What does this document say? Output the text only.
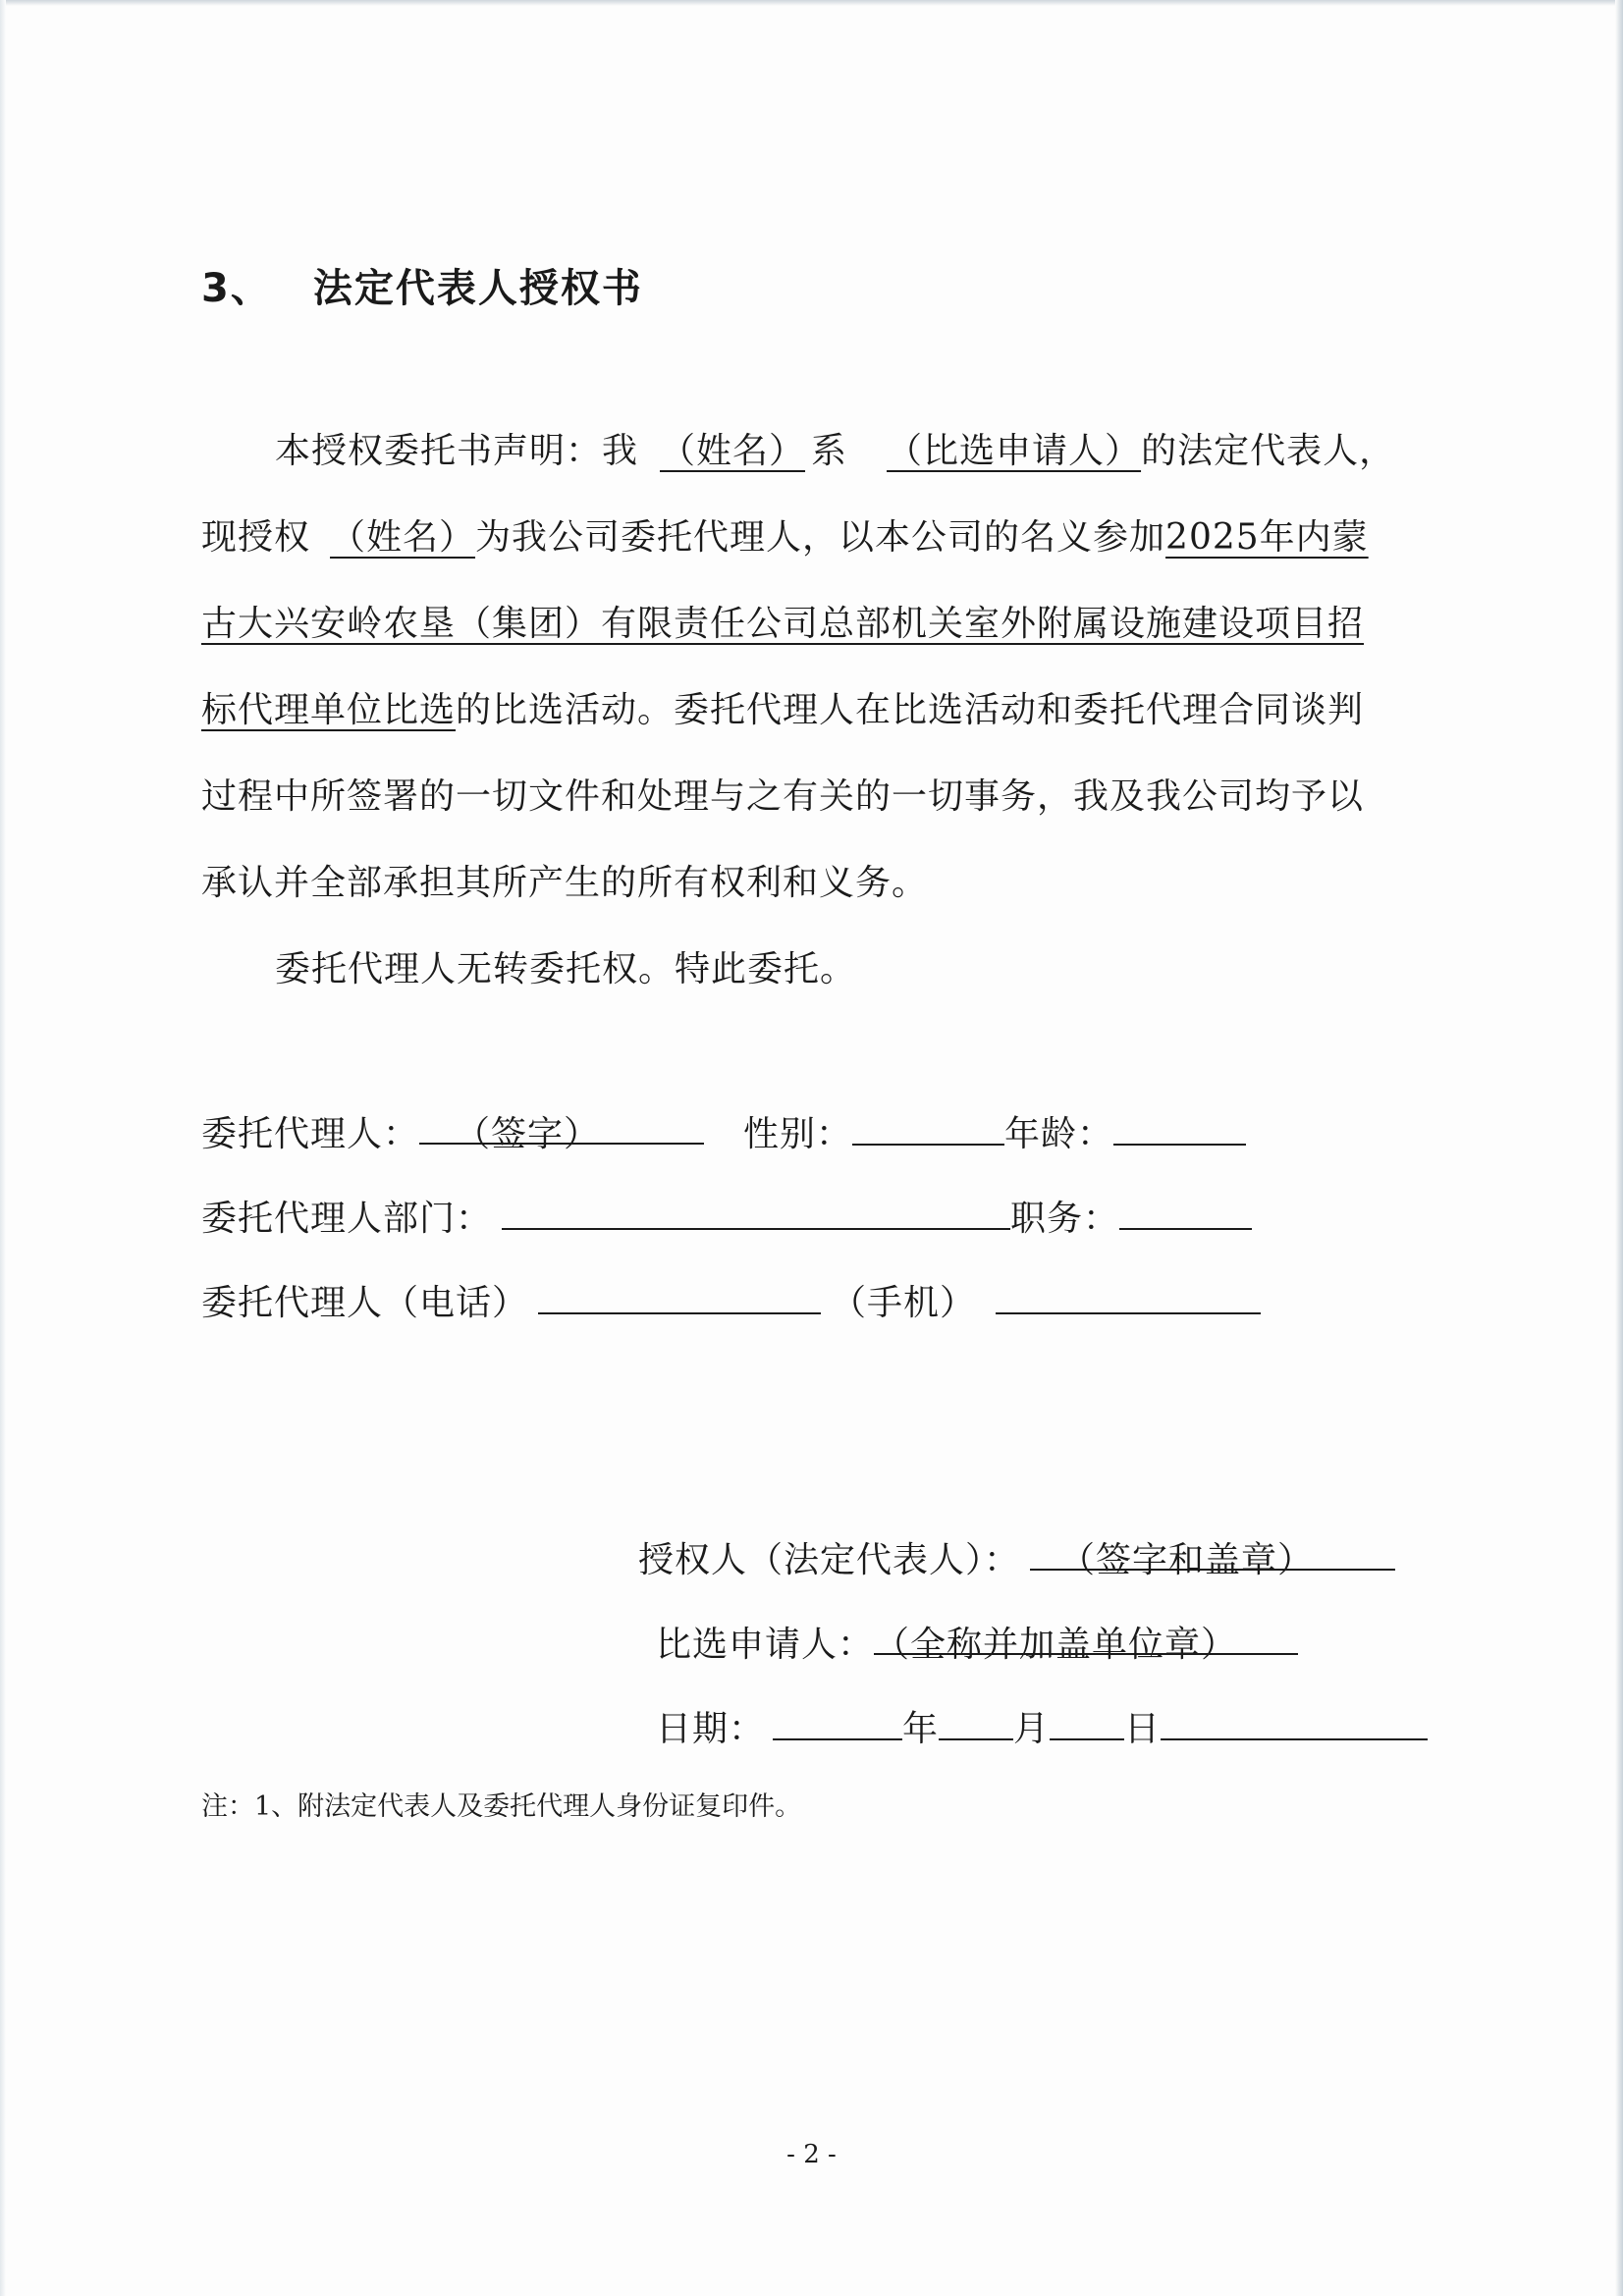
3、 法定代表人授权书
本授权委托书声明：我 （姓名） 系 （比选申请人）的法定代表人，
现授权 （姓名）为我公司委托代理人，以本公司的名义参加2025年内蒙
古大兴安岭农垦（集团）有限责任公司总部机关室外附属设施建设项目招
标代理单位比选的比选活动。委托代理人在比选活动和委托代理合同谈判
过程中所签署的一切文件和处理与之有关的一切事务，我及我公司均予以
承认并全部承担其所产生的所有权利和义务。
委托代理人无转委托权。特此委托。
委托代理人： （签字）	性别：	年龄：
委托代理人部门：	职务：
委托代理人（电话）	（手机）
授权人（法定代表人）： （签字和盖章）
比选申请人：（全称并加盖单位章）
日期：	年 月 日
注：1、附法定代表人及委托代理人身份证复印件。
- 2 -
